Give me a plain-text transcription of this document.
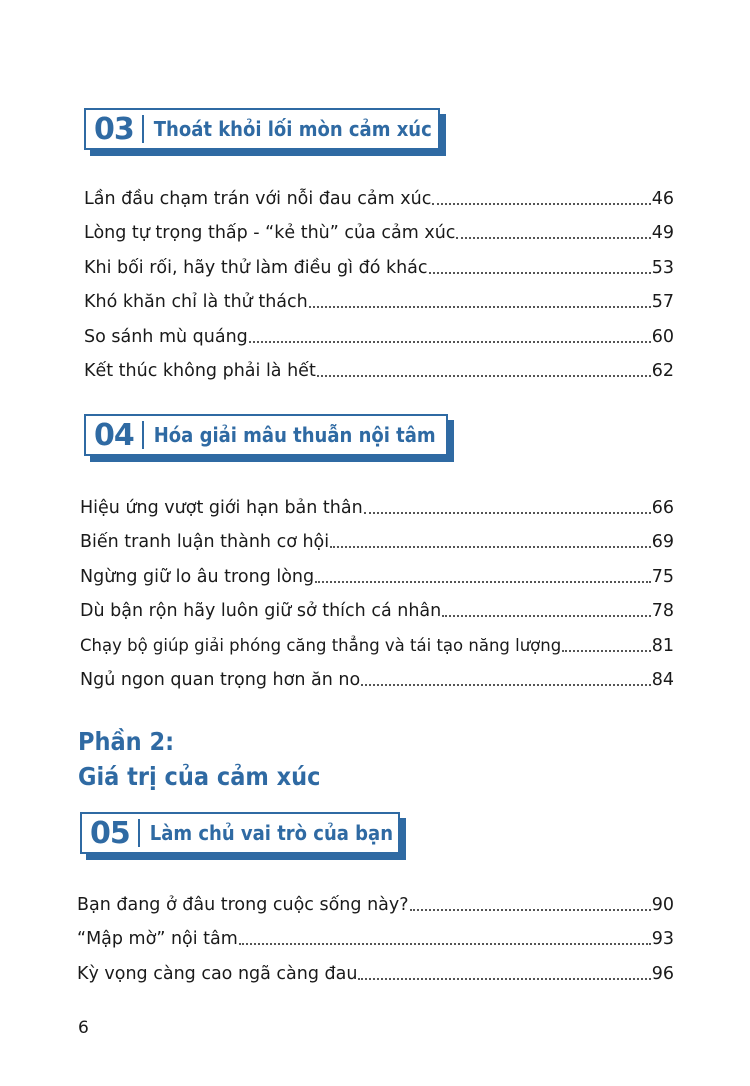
03	Thoát khỏi lối mòn cảm xúc
Lần đầu chạm trán với nỗi đau cảm xúc	46
Lòng tự trọng thấp - “kẻ thù” của cảm xúc	49
Khi bối rối, hãy thử làm điều gì đó khác	53
Khó khăn chỉ là thử thách	57
So sánh mù quáng	60
Kết thúc không phải là hết	62
04	Hóa giải mâu thuẫn nội tâm
Hiệu ứng vượt giới hạn bản thân	66
Biến tranh luận thành cơ hội	69
Ngừng giữ lo âu trong lòng	75
Dù bận rộn hãy luôn giữ sở thích cá nhân	78
Chạy bộ giúp giải phóng căng thẳng và tái tạo năng lượng	81
Ngủ ngon quan trọng hơn ăn no	84
Phần 2:
Giá trị của cảm xúc
05	Làm chủ vai trò của bạn
Bạn đang ở đâu trong cuộc sống này?	90
“Mập mờ” nội tâm	93
Kỳ vọng càng cao ngã càng đau	96
6
